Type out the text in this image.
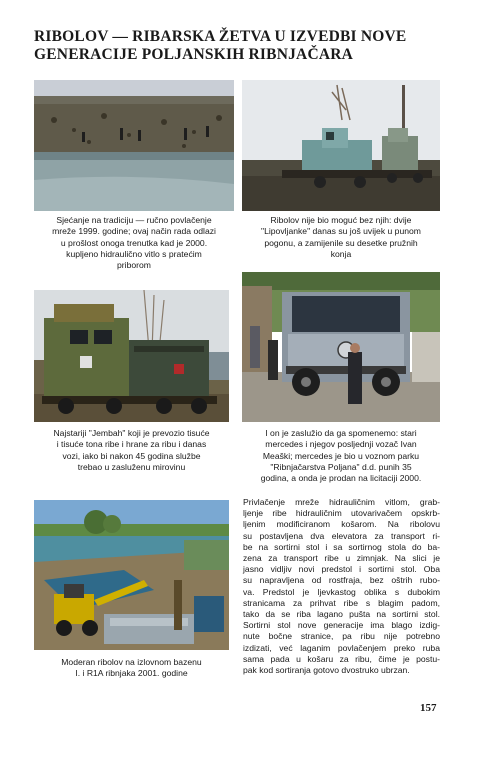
RIBOLOV — RIBARSKA ŽETVA U IZVEDBI NOVE
GENERACIJE POLJANSKIH RIBNJAČARA
Sjećanje na tradiciju — ručno povlačenje
mreže 1999. godine; ovaj način rada odlazi
u prošlost onoga trenutka kad je 2000.
kupljeno hidraulično vitlo s pratećim
priborom
Ribolov nije bio moguć bez njih: dvije
"Lipovljanke" danas su još uvijek u punom
pogonu, a zamijenile su desetke pružnih
konja
Najstariji "Jembah" koji je prevozio tisuće
i tisuće tona ribe i hrane za ribu i danas
vozi, iako bi nakon 45 godina službe
trebao u zasluženu mirovinu
I on je zaslužio da ga spomenemo: stari
mercedes i njegov posljednji vozač Ivan
Meaški; mercedes je bio u voznom parku
"Ribnjačarstva Poljana" d.d. punih 35
godina, a onda je prodan na licitaciji 2000.
Moderan ribolov na izlovnom bazenu
I. i R1A ribnjaka 2001. godine
Privlačenje mreže hidrauličnim vitlom, grab-
ljenje ribe hidrauličnim utovarivačem opskrb-
ljenim modificiranom košarom. Na ribolovu
su postavljena dva elevatora za transport ri-
be na sortirni stol i sa sortirnog stola do ba-
zena za transport ribe u zimnjak. Na slici je
jasno vidljiv novi predstol i sortirni stol. Oba
su napravljena od rostfraja, bez oštrih rubo-
va. Predstol je ljevkastog oblika s dubokim
stranicama za prihvat ribe s blagim padom,
tako da se riba lagano pušta na sortirni stol.
Sortirni stol nove generacije ima blago izdig-
nute bočne stranice, pa ribu nije potrebno
izdizati, već laganim povlačenjem preko ruba
sama pada u košaru za ribu, čime je postu-
pak kod sortiranja gotovo dvostruko ubrzan.
157
